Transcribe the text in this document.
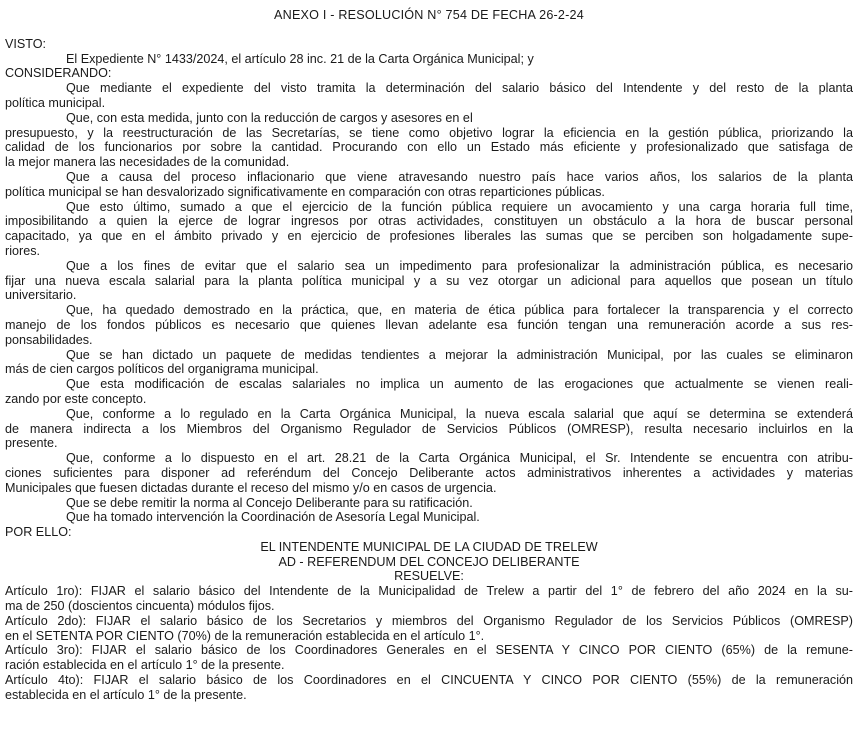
ANEXO I - RESOLUCIÓN N° 754 DE FECHA 26-2-24
VISTO:
El Expediente N° 1433/2024, el artículo 28 inc. 21 de la Carta Orgánica Municipal; y
CONSIDERANDO:
Que mediante el expediente del visto tramita la determinación del salario básico del Intendente y del resto de la planta
política municipal.
Que, con esta medida, junto con la reducción de cargos y asesores en el
presupuesto, y la reestructuración de las Secretarías, se tiene como objetivo lograr la eficiencia en la gestión pública, priorizando la
calidad de los funcionarios por sobre la cantidad. Procurando con ello un Estado más eficiente y profesionalizado que satisfaga de
la mejor manera las necesidades de la comunidad.
Que a causa del proceso inflacionario que viene atravesando nuestro país hace varios años, los salarios de la planta
política municipal se han desvalorizado significativamente en comparación con otras reparticiones públicas.
Que esto último, sumado a que el ejercicio de la función pública requiere un avocamiento y una carga horaria full time,
imposibilitando a quien la ejerce de lograr ingresos por otras actividades, constituyen un obstáculo a la hora de buscar personal
capacitado, ya que en el ámbito privado y en ejercicio de profesiones liberales las sumas que se perciben son holgadamente supe-
riores.
Que a los fines de evitar que el salario sea un impedimento para profesionalizar la administración pública, es necesario
fijar una nueva escala salarial para la planta política municipal y a su vez otorgar un adicional para aquellos que posean un título
universitario.
Que, ha quedado demostrado en la práctica, que, en materia de ética pública para fortalecer la transparencia y el correcto
manejo de los fondos públicos es necesario que quienes llevan adelante esa función tengan una remuneración acorde a sus res-
ponsabilidades.
Que se han dictado un paquete de medidas tendientes a mejorar la administración Municipal, por las cuales se eliminaron
más de cien cargos políticos del organigrama municipal.
Que esta modificación de escalas salariales no implica un aumento de las erogaciones que actualmente se vienen reali-
zando por este concepto.
Que, conforme a lo regulado en la Carta Orgánica Municipal, la nueva escala salarial que aquí se determina se extenderá
de manera indirecta a los Miembros del Organismo Regulador de Servicios Públicos (OMRESP), resulta necesario incluirlos en la
presente.
Que, conforme a lo dispuesto en el art. 28.21 de la Carta Orgánica Municipal, el Sr. Intendente se encuentra con atribu-
ciones suficientes para disponer ad referéndum del Concejo Deliberante actos administrativos inherentes a actividades y materias
Municipales que fuesen dictadas durante el receso del mismo y/o en casos de urgencia.
Que se debe remitir la norma al Concejo Deliberante para su ratificación.
Que ha tomado intervención la Coordinación de Asesoría Legal Municipal.
POR ELLO:
EL INTENDENTE MUNICIPAL DE LA CIUDAD DE TRELEW
AD - REFERENDUM DEL CONCEJO DELIBERANTE
RESUELVE:
Artículo 1ro): FIJAR el salario básico del Intendente de la Municipalidad de Trelew a partir del 1° de febrero del año 2024 en la su-
ma de 250 (doscientos cincuenta) módulos fijos.
Artículo 2do): FIJAR el salario básico de los Secretarios y miembros del Organismo Regulador de los Servicios Públicos (OMRESP)
en el SETENTA POR CIENTO (70%) de la remuneración establecida en el artículo 1°.
Artículo 3ro): FIJAR el salario básico de los Coordinadores Generales en el SESENTA Y CINCO POR CIENTO (65%) de la remune-
ración establecida en el artículo 1° de la presente.
Artículo 4to): FIJAR el salario básico de los Coordinadores en el CINCUENTA Y CINCO POR CIENTO (55%) de la remuneración
establecida en el artículo 1° de la presente.
